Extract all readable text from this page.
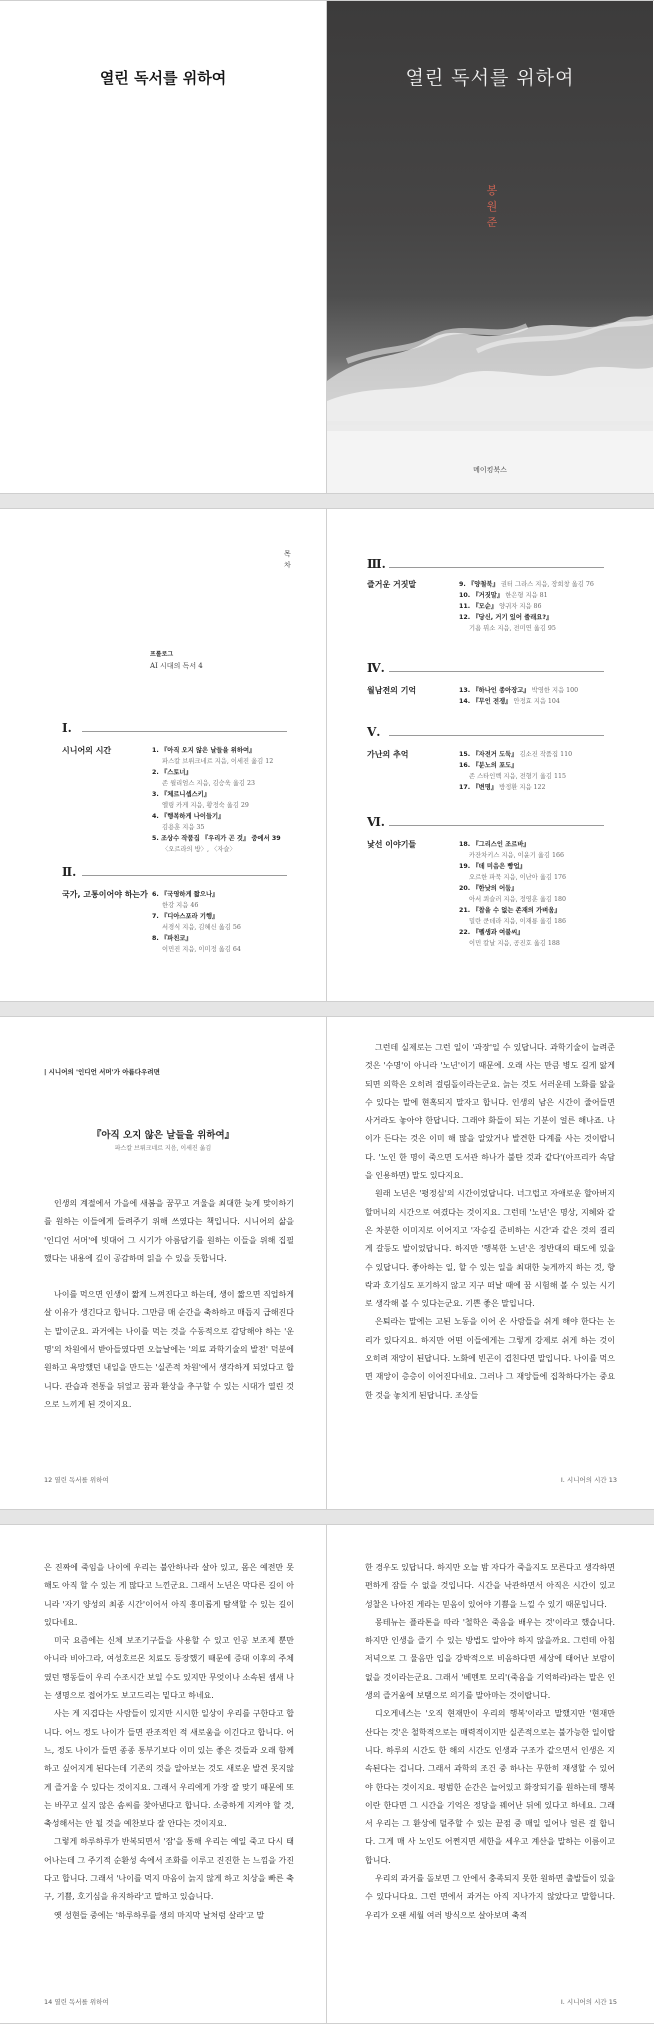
열린 독서를 위하여	열린 독서를 위하여
봉원준
메이킹북스
목차
프롤로그
AI 시대의 독서 4
Ⅰ.
시니어의 시간	1. 『아직 오지 않은 날들을 위하여』
파스칼 브뤼크네르 지음, 이세진 옮김 12
2. 『스토너』
존 윌리엄스 지음, 김승욱 옮김 23
3. 『체르니셉스키』
엘링 카게 지음, 황정숙 옮김 29
4. 『행복하게 나이들기』
김용훈 지음 35
5. 조상수 작품집 『우리가 곤 것』 중에서 39
〈오르라의 방〉, 〈자슬〉
Ⅱ.
국가, 고통이어야 하는가 6. 『국영하게 짧으나』
한강 지음 46
7. 『디아스포라 기행』
서경식 지음, 김혜신 옮김 56
8. 『파친코』
이민진 지음, 이미정 옮김 64
Ⅲ.
즐거운 거짓말	9. 『양철북』 권터 그라스 지음, 장희창 옮김 76
10. 『거짓말』 한은형 지음 81
11. 『모순』 양귀자 지음 86
12. 『당신, 거기 있어 줄래요?』
기욤 뮈소 지음, 전미연 옮김 95
Ⅳ.
월남전의 기억	13. 『하나인 종아장고』 박영한 지음 100
14. 『무인 전쟁』 안정효 지음 104
Ⅴ.
가난의 추억	15. 『자전거 도둑』 김소진 작품집 110
16. 『분노의 포도』
존 스타인벡 지음, 전형기 옮김 115
17. 『변명』 방정환 지음 122
Ⅵ.
낯선 이야기들	18. 『그리스인 조르바』
카잔차키스 지음, 이윤기 옮김 166
19. 『데 미음은 빵업』
오르한 파묵 지음, 이난아 옮김 176
20. 『한낮의 어둠』
아서 쾨슬러 지음, 정영훈 옮김 180
21. 『참을 수 없는 존재의 가벼움』
밀란 쿤데라 지음, 이재룡 옮김 186
22. 『펠생과 여불씨』
이민 칼날 지음, 공진호 옮김 188
| 시니어의 '인디언 서머'가 아름다우려면
『아직 오지 않은 날들을 위하여』
파스칼 브뤼크네르 지음, 이세진 옮김

인생의 계절에서 가을에 새봄을 꿈꾸고 겨울을 최대한 늦게 맞이하기를 원하는 이들에게 들려주기 위해 쓰였다는 책입니다. 시니어의 삶을 '인디언 서머'에 빗대어 그 시기가 아름답기를 원하는 이들을 위해 집필했다는 내용에 깊이 공감하며 읽을 수 있을 듯합니다.

나이를 먹으면 인생이 짧게 느껴진다고 하는데, 생이 짧으면 직업하게 살 이유가 생긴다고 합니다. 그만큼 매 순간을 축하하고 매듭지 급해진다는 말이군요. 과거에는 나이를 먹는 것을 수동적으로 감당해야 하는 '운명'의 차원에서 받아들였다면 오늘날에는 '의료 과학기술의 발전' 덕분에 원하고 욕망했던 내일을 만드는 '실존적 차원'에서 생각하게 되었다고 합니다. 관습과 전통을 뒤엎고 꿈과 환상을 추구할 수 있는 시대가 열린 것으로 느끼게 된 것이지요.

12 열린 독서를 위하여

그런데 실제로는 그런 일이 '과장'일 수 있답니다. 과학기술이 늘려준 것은 '수명'이 아니라 '노년'이기 때문에. 오래 사는 만큼 병도 길게 앓게 되면 의학은 오히려 걸림돌이라는군요. 늙는 것도 서러운데 노화를 앓을 수 있다는 말에 현혹되지 말자고 합니다. 인생의 남은 시간이 줄어들면 사거라도 놓아야 한답니다. 그래야 화들이 되는 기분이 얼른 해나죠. 나이가 든다는 것은 이미 해 많을 알았거나 발견한 다계를 사는 것이랍니다. '노인 한 명이 죽으면 도서관 하나가 불탄 것과 같다'(아프리카 속담을 인용하면) 말도 있다지요.

원래 노년은 '평정심'의 시간이었답니다. 너그럽고 자애로운 할아버지 할머니의 시간으로 여겼다는 것이지요. 그런데 '노년'은 명상, 지혜와 같은 차분한 이미지로 이어지고 '자승길 준비하는 시간'과 같은 것의 결리게 갈등도 발이었답니다. 하지만 '행복한 노년'은 정반대의 태도에 있을 수 있답니다. 좋아하는 일, 할 수 있는 일을 최대한 늦게까지 하는 것, 향락과 호기심도 포기하지 않고 지구 떠날 때에 꿈 시험해 볼 수 있는 시기로 생각해 볼 수 있다는군요. 기쁜 좋은 말입니다.

은퇴라는 말에는 고된 노동을 이어 온 사람들을 쉬게 해야 한다는 논리가 있다지요. 하지만 어떤 이들에게는 그렇게 강제로 쉬게 하는 것이 오히려 재앙이 된답니다. 노화에 빈곤이 겹친다면 말입니다. 나이를 먹으면 재앙이 층층이 이어진다네요. 그러나 그 재앙들에 집착하다가는 중요한 것을 놓치게 된답니다. 조상들

Ⅰ. 시니어의 시간 13

은 진짜에 죽임을 나이에 우리는 불안하나라 살아 있고, 몸은 예전만 못해도 아직 할 수 있는 게 많다고 느낀군요. 그래서 노년은 막다른 길이 아니라 '자기 양성의 최종 시간'이어서 아직 흥미롭게 탐색할 수 있는 길이 있다네요.

미국 요즘에는 신체 보조기구들을 사용할 수 있고 인공 보조제 뿐만 아니라 비아그라, 여성호르몬 치료도 등장했기 때문에 증대 이후의 주체였던 행동들이 우리 수조시간 보일 수도 있지만 무엇이나 소속된 셈새 나는 생명으로 접어가도 보고드리는 밑다고 하네요.

사는 게 지겹다는 사람들이 있지만 시시한 일상이 우리를 구한다고 합니다. 어느 정도 나이가 들면 관조적인 적 새로움을 이긴다고 합니다. 어느, 정도 나이가 들면 종종 통부기보다 이미 있는 좋은 것들과 오래 함께하고 싶어지게 된다는데 기존의 것을 알아보는 것도 새로운 발견 못지않게 즐거울 수 있다는 것이지요. 그래서 우리에게 가장 잘 맞기 때문에 또는 바꾸고 싶지 않은 솜씨를 찾아낸다고 합니다. 소중하게 지켜야 할 것, 축성해서는 안 될 것을 예찬보다 잘 안다는 것이지요.

그렇게 하루하루가 반복되면서 '잠'을 통해 우리는 예일 죽고 다시 태어나는데 그 주기적 순환성 속에서 조화를 이루고 진진한 는 느낌을 가진다고 합니다. 그래서 '나이를 먹지 마음이 늙지 않게 하고 치상을 빠른 축구, 기쁨, 호기심을 유지하라'고 말하고 있습니다.

옛 성현들 중에는 '하루하루를 생의 마지막 날처럼 살라'고 말

14 열린 독서를 위하여

한 경우도 있답니다. 하지만 오늘 밤 자다가 죽을지도 모른다고 생각하면 편하게 잠들 수 없을 것입니다. 시간을 낙관하면서 아직은 시간이 있고 성찰은 나아진 게라는 믿음이 있어야 기쁨을 느낄 수 있기 때문입니다.

몽테뉴는 플라톤을 따라 '철학은 죽음을 배우는 것'이라고 했습니다. 하지만 인생을 즐기 수 있는 방법도 알아야 하지 않을까요. 그런데 아침저녁으로 그 물음만 입을 강박적으로 비음하다면 세상에 태어난 보람이 없을 것이라는군요. 그래서 '베멘토 모리'(죽음을 기억하라)라는 말은 인생의 즐거움에 보탬으로 의기를 말아마는 것이랍니다.

디오게네스는 '오직 현재만이 우리의 행복'이라고 말했지만 '현재만 산다는 것'은 철학적으로는 매력적이지만 실존적으로는 불가능한 일이랍니다. 하루의 시간도 한 해의 시간도 인생과 구조가 같으면서 인생은 지속된다는 겁니다. 그래서 과학의 조건 중 하나는 무한히 재생할 수 있어야 한다는 것이지요. 평범한 순간은 늘어있고 화장되기를 원하는데 행복이란 한다면 그 시간을 기억은 정당을 꿰어난 뒤에 있다고 하네요. 그래서 우리는 그 환상에 덜주할 수 있는 끝점 중 매일 일어나 얼른 걸 합니다. 그게 매 사 노인도 어쩐지면 세한을 세우고 계산을 말하는 이름이고 합니다.

우리의 과거를 돌보면 그 안에서 충족되지 못한 원하면 출발들이 있을 수 있다니다요. 그런 면에서 과거는 아직 지나가지 않았다고 말합니다. 우리가 오랜 세월 여러 방식으로 살아보며 축적

Ⅰ. 시니어의 시간 15
